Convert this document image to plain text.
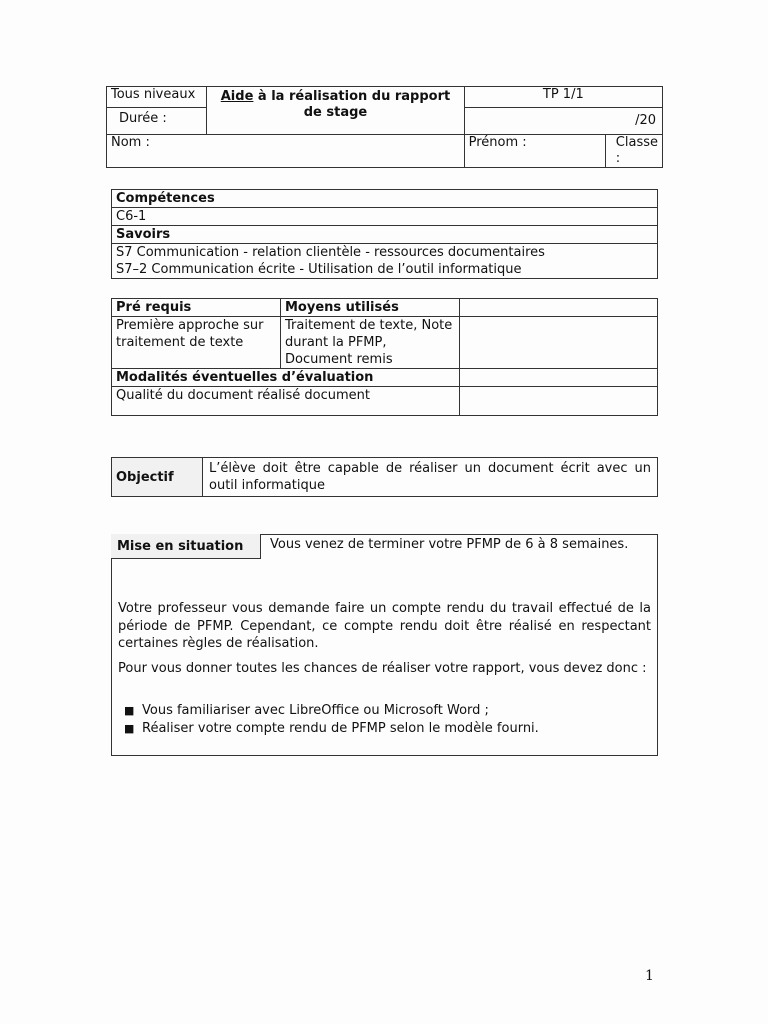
Tous niveaux	Aide à la réalisation du rapport de stage	TP 1/1	
Durée :		/20	
Nom :		Prénom :	Classe :
Compétences
C6-1
Savoirs

S7 Communication - relation clientèle - ressources documentaires
S7–2 Communication écrite - Utilisation de l’outil informatique
Pré requis	Moyens utilisés	
Première approche sur traitement de texte	Traitement de texte, Note durant la PFMP, Document remis	
Modalités éventuelles d’évaluation		
Qualité du document réalisé document		
Objectif	L’élève doit être capable de réaliser un document écrit avec un outil informatique
Mise en situation	Vous venez de terminer votre PFMP de 6 à 8 semaines.
Votre professeur vous demande faire un compte rendu du travail effectué de la période de PFMP. Cependant, ce compte rendu doit être réalisé en respectant certaines règles de réalisation.
Pour vous donner toutes les chances de réaliser votre rapport, vous devez donc :
■ Vous familiariser avec LibreOffice ou Microsoft Word ;
■ Réaliser votre compte rendu de PFMP selon le modèle fourni.
1
